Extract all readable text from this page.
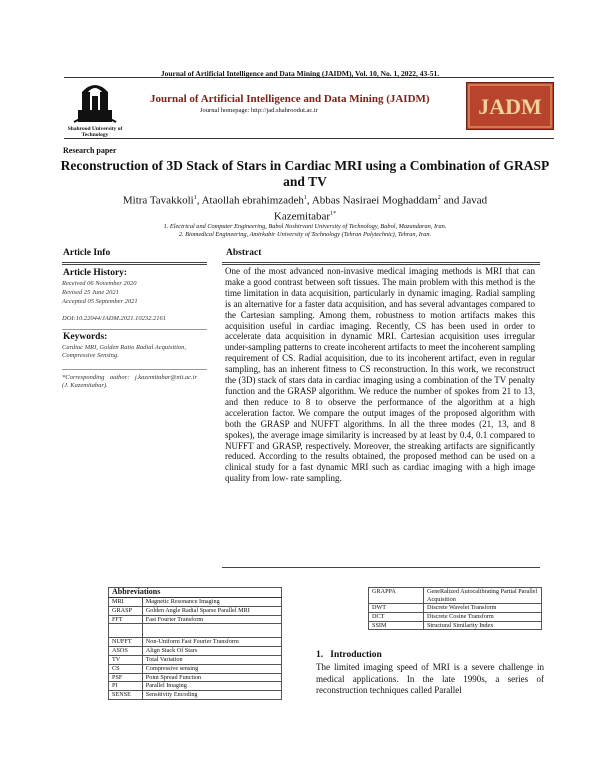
Journal of Artificial Intelligence and Data Mining (JAIDM), Vol. 10, No. 1, 2022, 43-51.
Shahrood University of Technology
Journal of Artificial Intelligence and Data Mining (JAIDM)
Journal homepage: http://jad.shahroodut.ac.ir	JADM
Research paper
Reconstruction of 3D Stack of Stars in Cardiac MRI using a Combination of GRASP and TV
Mitra Tavakkoli$^1$, Ataollah ebrahimzadeh$^1$, Abbas Nasiraei Moghaddam$^2$ and Javad Kazemitabar$^{1*}$
1. Electrical and Computer Engineering, Babol Noshirvani University of Technology, Babol, Mazandaran, Iran.
2. Biomedical Engineering, Amirkabir University of Technology (Tehran Polytechnic), Tehran, Iran.
Article Info
Article History:
Received 06 November 2020
Revised 25 June 2021
Accepted 05 September 2021
DOI:10.22044/JADM.2021.10232.2161
Keywords:
Cardiac MRI, Golden Ratio Radial Acquisition, Compressive Sensing.
*Corresponding author: j.kazemitabar@nit.ac.ir (J. Kazemitabar).
Abstract
One of the most advanced non-invasive medical imaging methods is MRI that can make a good contrast between soft tissues. The main problem with this method is the time limitation in data acquisition, particularly in dynamic imaging. Radial sampling is an alternative for a faster data acquisition, and has several advantages compared to the Cartesian sampling. Among them, robustness to motion artifacts makes this acquisition useful in cardiac imaging. Recently, CS has been used in order to accelerate data acquisition in dynamic MRI. Cartesian acquisition uses irregular under-sampling patterns to create incoherent artifacts to meet the incoherent sampling requirement of CS. Radial acquisition, due to its incoherent artifact, even in regular sampling, has an inherent fitness to CS reconstruction. In this work, we reconstruct the (3D) stack of stars data in cardiac imaging using a combination of the TV penalty function and the GRASP algorithm. We reduce the number of spokes from 21 to 13, and then reduce to 8 to observe the performance of the algorithm at a high acceleration factor. We compare the output images of the proposed algorithm with both the GRASP and NUFFT algorithms. In all the three modes (21, 13, and 8 spokes), the average image similarity is increased by at least by 0.4, 0.1 compared to NUFFT and GRASP, respectively. Moreover, the streaking artifacts are significantly reduced. According to the results obtained, the proposed method can be used on a clinical study for a fast dynamic MRI such as cardiac imaging with a high image quality from low- rate sampling.
Abbreviations	
MRI	Magnetic Resonance Imaging
GRASP	Golden Angle Radial Sparse Parallel MRI
FFT	Fast Fourier Transform

NUFFT	Non-Uniform Fast Fourier Transform
ASOS	Align Stack Of Stars
TV	Total Variation
CS	Compressive sensing
PSF	Point Spread Function
PI	Parallel Imaging
SENSE	Sensitivity Encoding
GRAPPA	GeneRalized Autocalibrating Partial Parallel Acquisition
DWT	Discrete Wavelet Transform
DCT	Discrete Cosine Transform
SSIM	Structural Similarity Index
1.   Introduction
The limited imaging speed of MRI is a severe challenge in medical applications. In the late 1990s, a series of reconstruction techniques called Parallel
